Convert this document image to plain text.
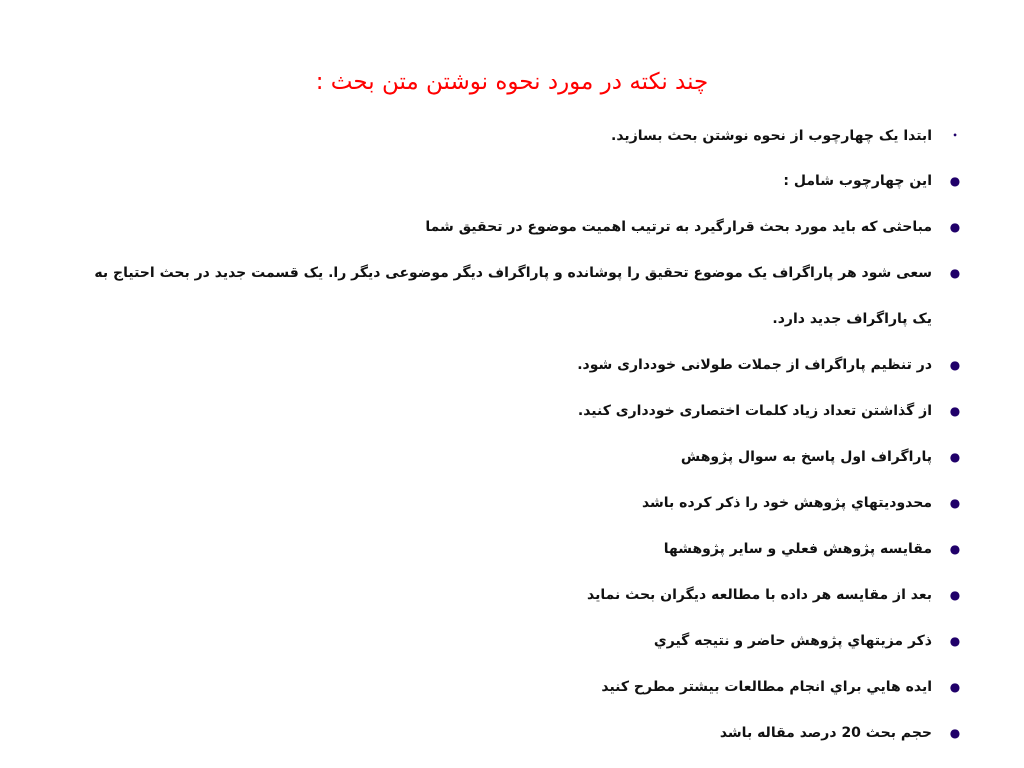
چند نکته در مورد نحوه نوشتن متن بحث :
•
ابتدا یک چهارچوب از نحوه نوشتن بحث بسازید.
●
این چهارچوب شامل :
●
مباحثی که باید مورد بحث قرارگیرد به ترتیب اهمیت موضوع در تحقیق شما
●
سعی شود هر پاراگراف یک موضوع تحقیق را پوشانده و پاراگراف دیگر موضوعی دیگر را. یک قسمت جدید در بحث احتیاج به یک پاراگراف جدید دارد.
●
در تنظیم پاراگراف از جملات طولانی خودداری شود.
●
از گذاشتن تعداد زیاد کلمات اختصاری خودداری کنید.
●
پاراگراف اول پاسخ به سوال پژوهش
●
محدودیتهاي پژوهش خود را ذکر کرده باشد
●
مقایسه پژوهش فعلي و سایر پژوهشها
●
بعد از مقایسه هر داده با مطالعه دیگران بحث نماید
●
ذکر مزیتهاي پژوهش حاضر و نتیجه گیري
●
ایده هایي براي انجام مطالعات بیشتر مطرح کنید
●
حجم بحث 20 درصد مقاله باشد
